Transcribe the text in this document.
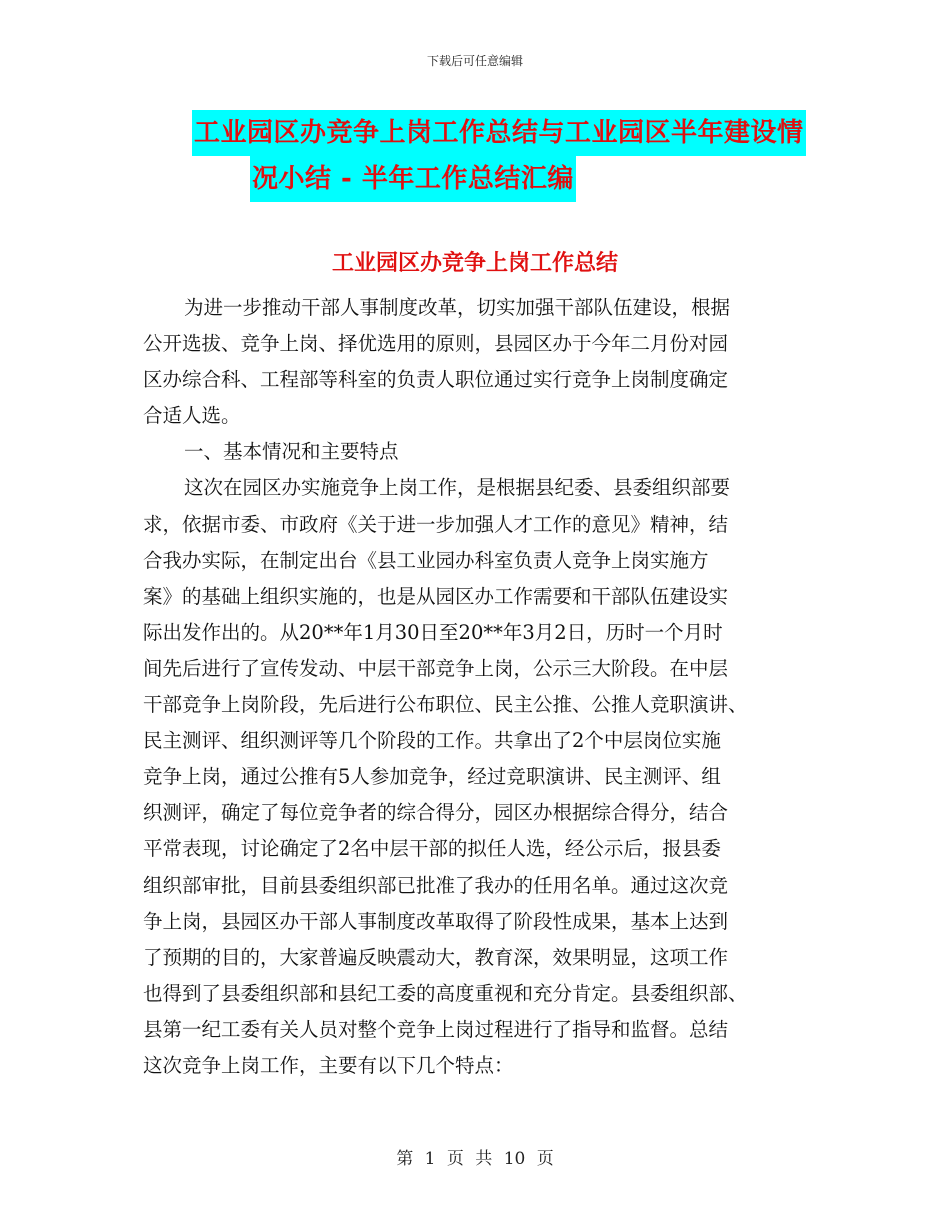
下载后可任意编辑
工业园区办竞争上岗工作总结与工业园区半年建设情
况小结 - 半年工作总结汇编
工业园区办竞争上岗工作总结
为进一步推动干部人事制度改革，切实加强干部队伍建设，根据
公开选拔、竞争上岗、择优选用的原则，县园区办于今年二月份对园
区办综合科、工程部等科室的负责人职位通过实行竞争上岗制度确定
合适人选。
一、基本情况和主要特点
这次在园区办实施竞争上岗工作，是根据县纪委、县委组织部要
求，依据市委、市政府《关于进一步加强人才工作的意见》精神，结
合我办实际，在制定出台《县工业园办科室负责人竞争上岗实施方
案》的基础上组织实施的，也是从园区办工作需要和干部队伍建设实
际出发作出的。从20**年1月30日至20**年3月2日，历时一个月时
间先后进行了宣传发动、中层干部竞争上岗，公示三大阶段。在中层
干部竞争上岗阶段，先后进行公布职位、民主公推、公推人竞职演讲、
民主测评、组织测评等几个阶段的工作。共拿出了2个中层岗位实施
竞争上岗，通过公推有5人参加竞争，经过竞职演讲、民主测评、组
织测评，确定了每位竞争者的综合得分，园区办根据综合得分，结合
平常表现，讨论确定了2名中层干部的拟任人选，经公示后，报县委
组织部审批，目前县委组织部已批准了我办的任用名单。通过这次竞
争上岗，县园区办干部人事制度改革取得了阶段性成果，基本上达到
了预期的目的，大家普遍反映震动大，教育深，效果明显，这项工作
也得到了县委组织部和县纪工委的高度重视和充分肯定。县委组织部、
县第一纪工委有关人员对整个竞争上岗过程进行了指导和监督。总结
这次竞争上岗工作，主要有以下几个特点：
第 1 页 共 10 页
